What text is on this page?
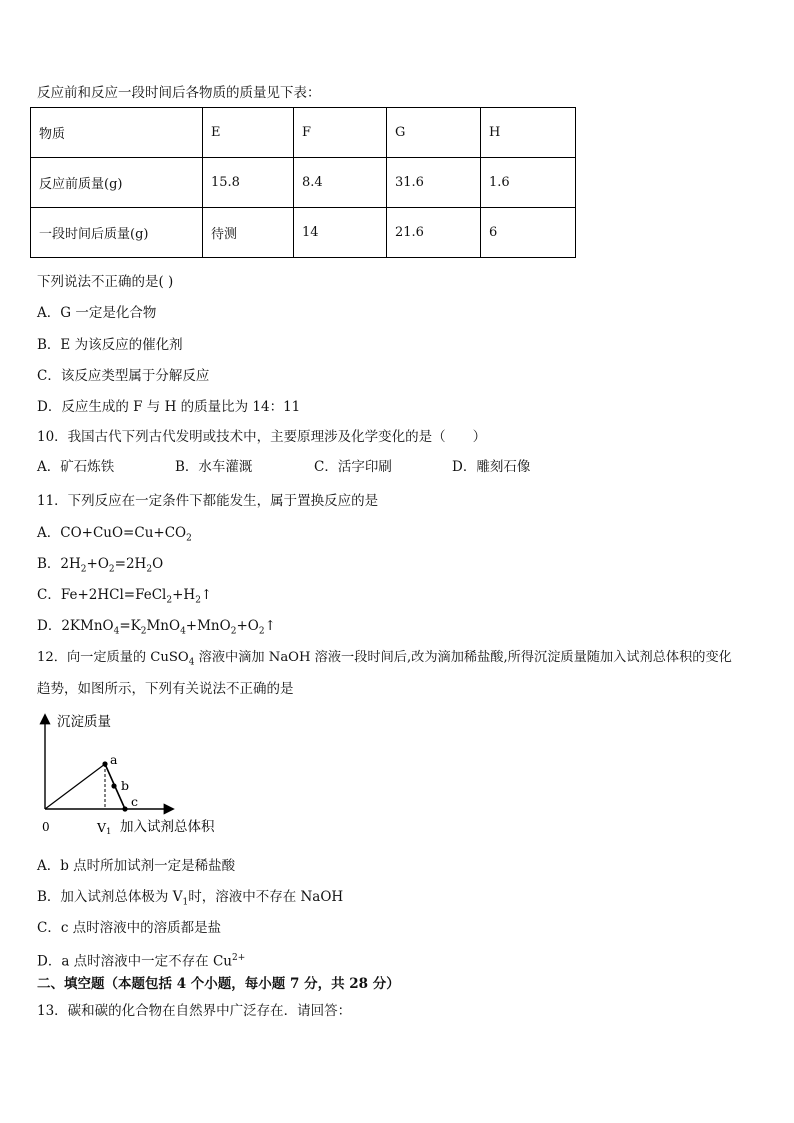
反应前和反应一段时间后各物质的质量见下表：
物质	E	F	G	H
反应前质量(g)	15.8	8.4	31.6	1.6
一段时间后质量(g)	待测	14	21.6	6
下列说法不正确的是( )
A．G 一定是化合物
B．E 为该反应的催化剂
C．该反应类型属于分解反应
D．反应生成的 F 与 H 的质量比为 14：11
10．我国古代下列古代发明或技术中，主要原理涉及化学变化的是（　　）
A．矿石炼铁	B．水车灌溉	C．活字印刷	D．雕刻石像
11．下列反应在一定条件下都能发生，属于置换反应的是
A．$CO+CuO=Cu+CO_2$
B．$2H_2+O_2=2H_2O$
C．$Fe+2HCl=FeCl_2+H_2↑$
D．$2KMnO_4=K_2MnO_4+MnO_2+O_2↑$
12．向一定质量的 CuSO$_4$ 溶液中滴加 NaOH 溶液一段时间后,改为滴加稀盐酸,所得沉淀质量随加入试剂总体积的变化
趋势，如图所示，下列有关说法不正确的是
沉淀质量
a
b
c
0	V1 加入试剂总体积
A．b 点时所加试剂一定是稀盐酸
B．加入试剂总体极为 $V_1$时，溶液中不存在 NaOH
C．c 点时溶液中的溶质都是盐
D．a 点时溶液中一定不存在 $Cu^{2+}$
二、填空题（本题包括 4 个小题，每小题 7 分，共 28 分）
13．碳和碳的化合物在自然界中广泛存在．请回答：
